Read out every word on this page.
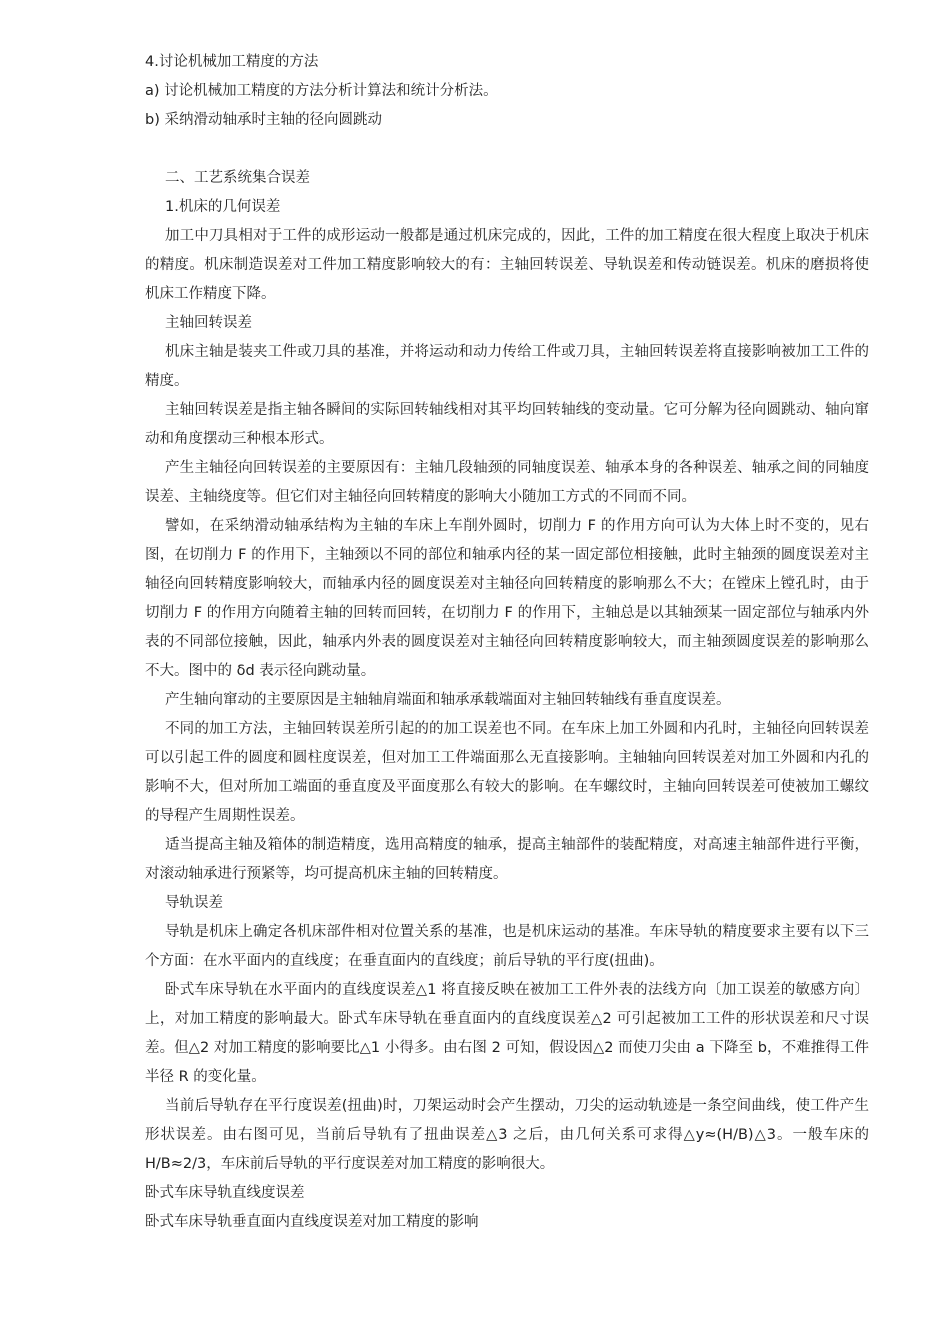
4.讨论机械加工精度的方法

a) 讨论机械加工精度的方法分析计算法和统计分析法。

b) 采纳滑动轴承时主轴的径向圆跳动

二、工艺系统集合误差

1.机床的几何误差

加工中刀具相对于工件的成形运动一般都是通过机床完成的，因此，工件的加工精度在很大程度上取决于机床的精度。机床制造误差对工件加工精度影响较大的有：主轴回转误差、导轨误差和传动链误差。机床的磨损将使机床工作精度下降。

主轴回转误差

机床主轴是装夹工件或刀具的基准，并将运动和动力传给工件或刀具，主轴回转误差将直接影响被加工工件的精度。

主轴回转误差是指主轴各瞬间的实际回转轴线相对其平均回转轴线的变动量。它可分解为径向圆跳动、轴向窜动和角度摆动三种根本形式。

产生主轴径向回转误差的主要原因有：主轴几段轴颈的同轴度误差、轴承本身的各种误差、轴承之间的同轴度误差、主轴绕度等。但它们对主轴径向回转精度的影响大小随加工方式的不同而不同。

譬如，在采纳滑动轴承结构为主轴的车床上车削外圆时，切削力 F 的作用方向可认为大体上时不变的，见右图，在切削力 F 的作用下，主轴颈以不同的部位和轴承内径的某一固定部位相接触，此时主轴颈的圆度误差对主轴径向回转精度影响较大，而轴承内径的圆度误差对主轴径向回转精度的影响那么不大；在镗床上镗孔时，由于切削力 F 的作用方向随着主轴的回转而回转，在切削力 F 的作用下，主轴总是以其轴颈某一固定部位与轴承内外表的不同部位接触，因此，轴承内外表的圆度误差对主轴径向回转精度影响较大，而主轴颈圆度误差的影响那么不大。图中的 δd 表示径向跳动量。

产生轴向窜动的主要原因是主轴轴肩端面和轴承承载端面对主轴回转轴线有垂直度误差。

不同的加工方法，主轴回转误差所引起的的加工误差也不同。在车床上加工外圆和内孔时，主轴径向回转误差可以引起工件的圆度和圆柱度误差，但对加工工件端面那么无直接影响。主轴轴向回转误差对加工外圆和内孔的影响不大，但对所加工端面的垂直度及平面度那么有较大的影响。在车螺纹时，主轴向回转误差可使被加工螺纹的导程产生周期性误差。

适当提高主轴及箱体的制造精度，选用高精度的轴承，提高主轴部件的装配精度，对高速主轴部件进行平衡，对滚动轴承进行预紧等，均可提高机床主轴的回转精度。

导轨误差

导轨是机床上确定各机床部件相对位置关系的基准，也是机床运动的基准。车床导轨的精度要求主要有以下三个方面：在水平面内的直线度；在垂直面内的直线度；前后导轨的平行度(扭曲)。

卧式车床导轨在水平面内的直线度误差△1 将直接反映在被加工工件外表的法线方向〔加工误差的敏感方向〕上，对加工精度的影响最大。卧式车床导轨在垂直面内的直线度误差△2 可引起被加工工件的形状误差和尺寸误差。但△2 对加工精度的影响要比△1 小得多。由右图 2 可知，假设因△2 而使刀尖由 a 下降至 b，不难推得工件半径 R 的变化量。

当前后导轨存在平行度误差(扭曲)时，刀架运动时会产生摆动，刀尖的运动轨迹是一条空间曲线，使工件产生形状误差。由右图可见，当前后导轨有了扭曲误差△3 之后，由几何关系可求得△y≈(H/B)△3。一般车床的 H/B≈2/3，车床前后导轨的平行度误差对加工精度的影响很大。

卧式车床导轨直线度误差

卧式车床导轨垂直面内直线度误差对加工精度的影响
